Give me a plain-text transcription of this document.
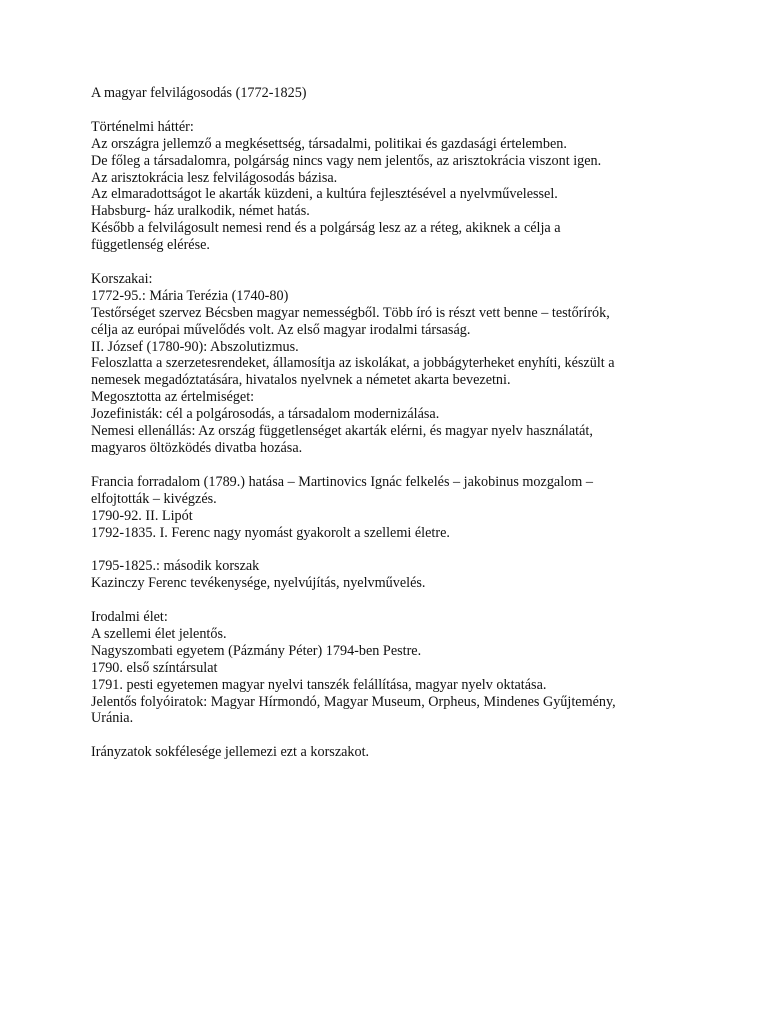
A magyar felvilágosodás (1772-1825)
Történelmi háttér:
Az országra jellemző a megkésettség, társadalmi, politikai és gazdasági értelemben.
De főleg a társadalomra, polgárság nincs vagy nem jelentős, az arisztokrácia viszont igen.
Az arisztokrácia lesz felvilágosodás bázisa.
Az elmaradottságot le akarták küzdeni, a kultúra fejlesztésével a nyelvművelessel.
Habsburg- ház uralkodik, német hatás.
Később a felvilágosult nemesi rend és a polgárság lesz az a réteg, akiknek a célja a
függetlenség elérése.
Korszakai:
1772-95.: Mária Terézia (1740-80)
Testőrséget szervez Bécsben magyar nemességből. Több író is részt vett benne – testőrírók,
célja az európai művelődés volt. Az első magyar irodalmi társaság.
II. József (1780-90): Abszolutizmus.
Feloszlatta a szerzetesrendeket, államosítja az iskolákat, a jobbágyterheket enyhíti, készült a
nemesek megadóztatására, hivatalos nyelvnek a németet akarta bevezetni.
Megosztotta az értelmiséget:
Jozefinisták: cél a polgárosodás, a társadalom modernizálása.
Nemesi ellenállás: Az ország függetlenséget akarták elérni, és magyar nyelv használatát,
magyaros öltözködés divatba hozása.
Francia forradalom (1789.) hatása – Martinovics Ignác felkelés – jakobinus mozgalom –
elfojtották – kivégzés.
1790-92. II. Lipót
1792-1835. I. Ferenc nagy nyomást gyakorolt a szellemi életre.
1795-1825.: második korszak
Kazinczy Ferenc tevékenysége, nyelvújítás, nyelvművelés.
Irodalmi élet:
A szellemi élet jelentős.
Nagyszombati egyetem (Pázmány Péter) 1794-ben Pestre.
1790. első színtársulat
1791. pesti egyetemen magyar nyelvi tanszék felállítása, magyar nyelv oktatása.
Jelentős folyóiratok: Magyar Hírmondó, Magyar Museum, Orpheus, Mindenes Gyűjtemény,
Uránia.
Irányzatok sokfélesége jellemezi ezt a korszakot.
